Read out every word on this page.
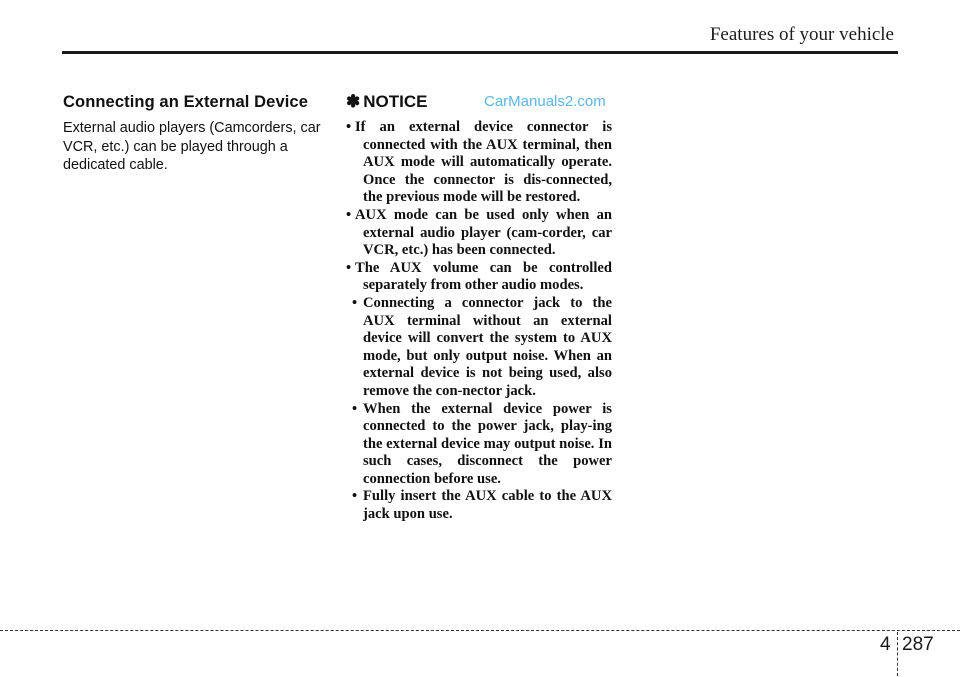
Features of your vehicle
Connecting an External Device
External audio players (Camcorders, car VCR, etc.) can be played through a dedicated cable.
✽ NOTICE	CarManuals2.com
• If an external device connector is connected with the AUX terminal, then AUX mode will automatically operate. Once the connector is dis-connected, the previous mode will be restored.
• AUX mode can be used only when an external audio player (cam-corder, car VCR, etc.) has been connected.
• The AUX volume can be controlled separately from other audio modes.
• Connecting a connector jack to the AUX terminal without an external device will convert the system to AUX mode, but only output noise. When an external device is not being used, also remove the con-nector jack.
• When the external device power is connected to the power jack, play-ing the external device may output noise. In such cases, disconnect the power connection before use.
• Fully insert the AUX cable to the AUX jack upon use.
4 287
